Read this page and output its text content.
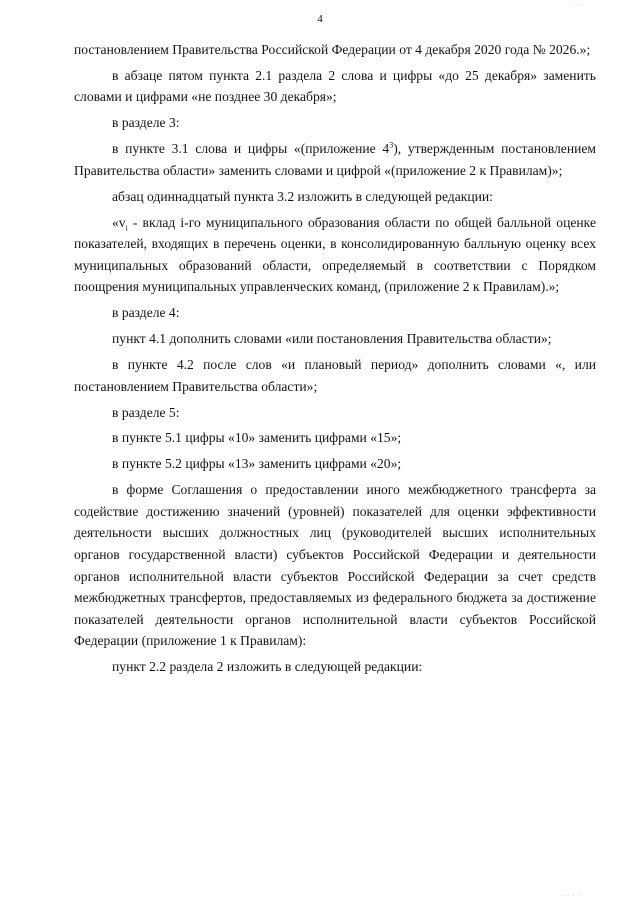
· · ·
4

постановлением Правительства Российской Федерации от 4 декабря 2020 года № 2026.»;

в абзаце пятом пункта 2.1 раздела 2 слова и цифры «до 25 декабря» заменить словами и цифрами «не позднее 30 декабря»;

в разделе 3:

в пункте 3.1 слова и цифры «(приложение $4^3$), утвержденным постановлением Правительства области» заменить словами и цифрой «(приложение 2 к Правилам)»;

абзац одиннадцатый пункта 3.2 изложить в следующей редакции:

«$v_i$ - вклад i-го муниципального образования области по общей балльной оценке показателей, входящих в перечень оценки, в консолидированную балльную оценку всех муниципальных образований области, определяемый в соответствии с Порядком поощрения муниципальных управленческих команд, (приложение 2 к Правилам).»;

в разделе 4:

пункт 4.1 дополнить словами «или постановления Правительства области»;

в пункте 4.2 после слов «и плановый период» дополнить словами «, или постановлением Правительства области»;

в разделе 5:

в пункте 5.1 цифры «10» заменить цифрами «15»;

в пункте 5.2 цифры «13» заменить цифрами «20»;

в форме Соглашения о предоставлении иного межбюджетного трансферта за содействие достижению значений (уровней) показателей для оценки эффективности деятельности высших должностных лиц (руководителей высших исполнительных органов государственной власти) субъектов Российской Федерации и деятельности органов исполнительной власти субъектов Российской Федерации за счет средств межбюджетных трансфертов, предоставляемых из федерального бюджета за достижение показателей деятельности органов исполнительной власти субъектов Российской Федерации (приложение 1 к Правилам):

пункт 2.2 раздела 2 изложить в следующей редакции:

· ·· · ·
